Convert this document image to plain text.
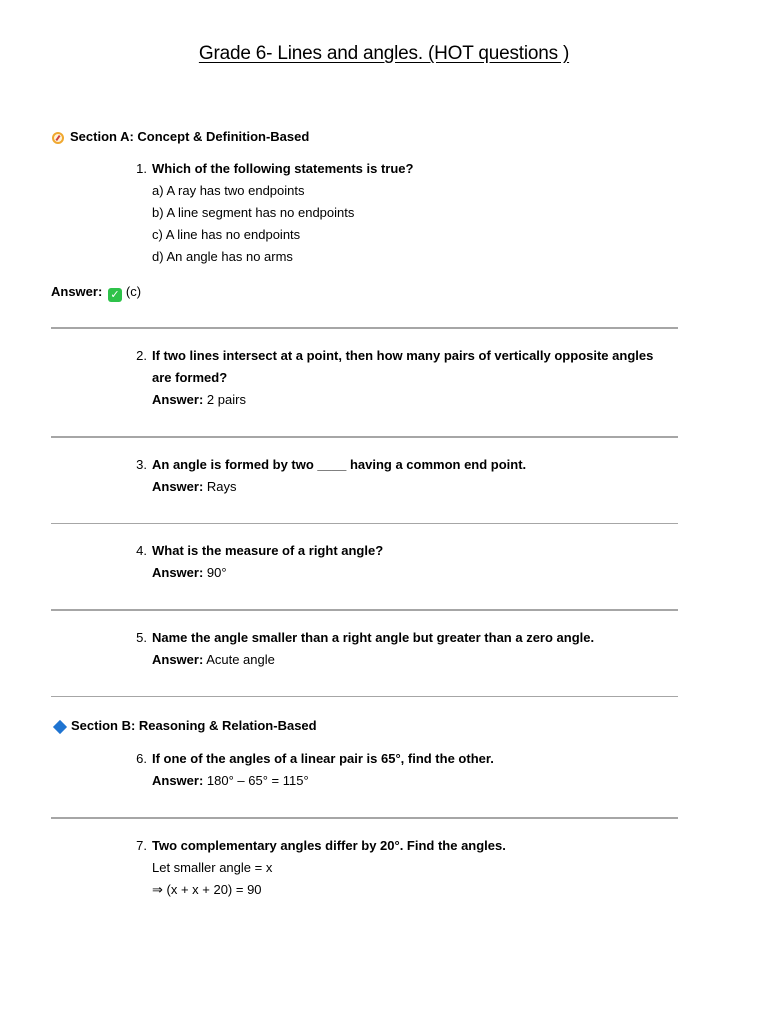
Grade 6- Lines and angles. (HOT questions )
Section A: Concept & Definition-Based
1. Which of the following statements is true?
a) A ray has two endpoints
b) A line segment has no endpoints
c) A line has no endpoints
d) An angle has no arms
Answer: ✓ (c)
2. If two lines intersect at a point, then how many pairs of vertically opposite angles are formed?
Answer: 2 pairs
3. An angle is formed by two ____ having a common end point.
Answer: Rays
4. What is the measure of a right angle?
Answer: 90°
5. Name the angle smaller than a right angle but greater than a zero angle.
Answer: Acute angle
Section B: Reasoning & Relation-Based
6. If one of the angles of a linear pair is 65°, find the other.
Answer: 180° – 65° = 115°
7. Two complementary angles differ by 20°. Find the angles.
Let smaller angle = x
⇒ (x + x + 20) = 90
